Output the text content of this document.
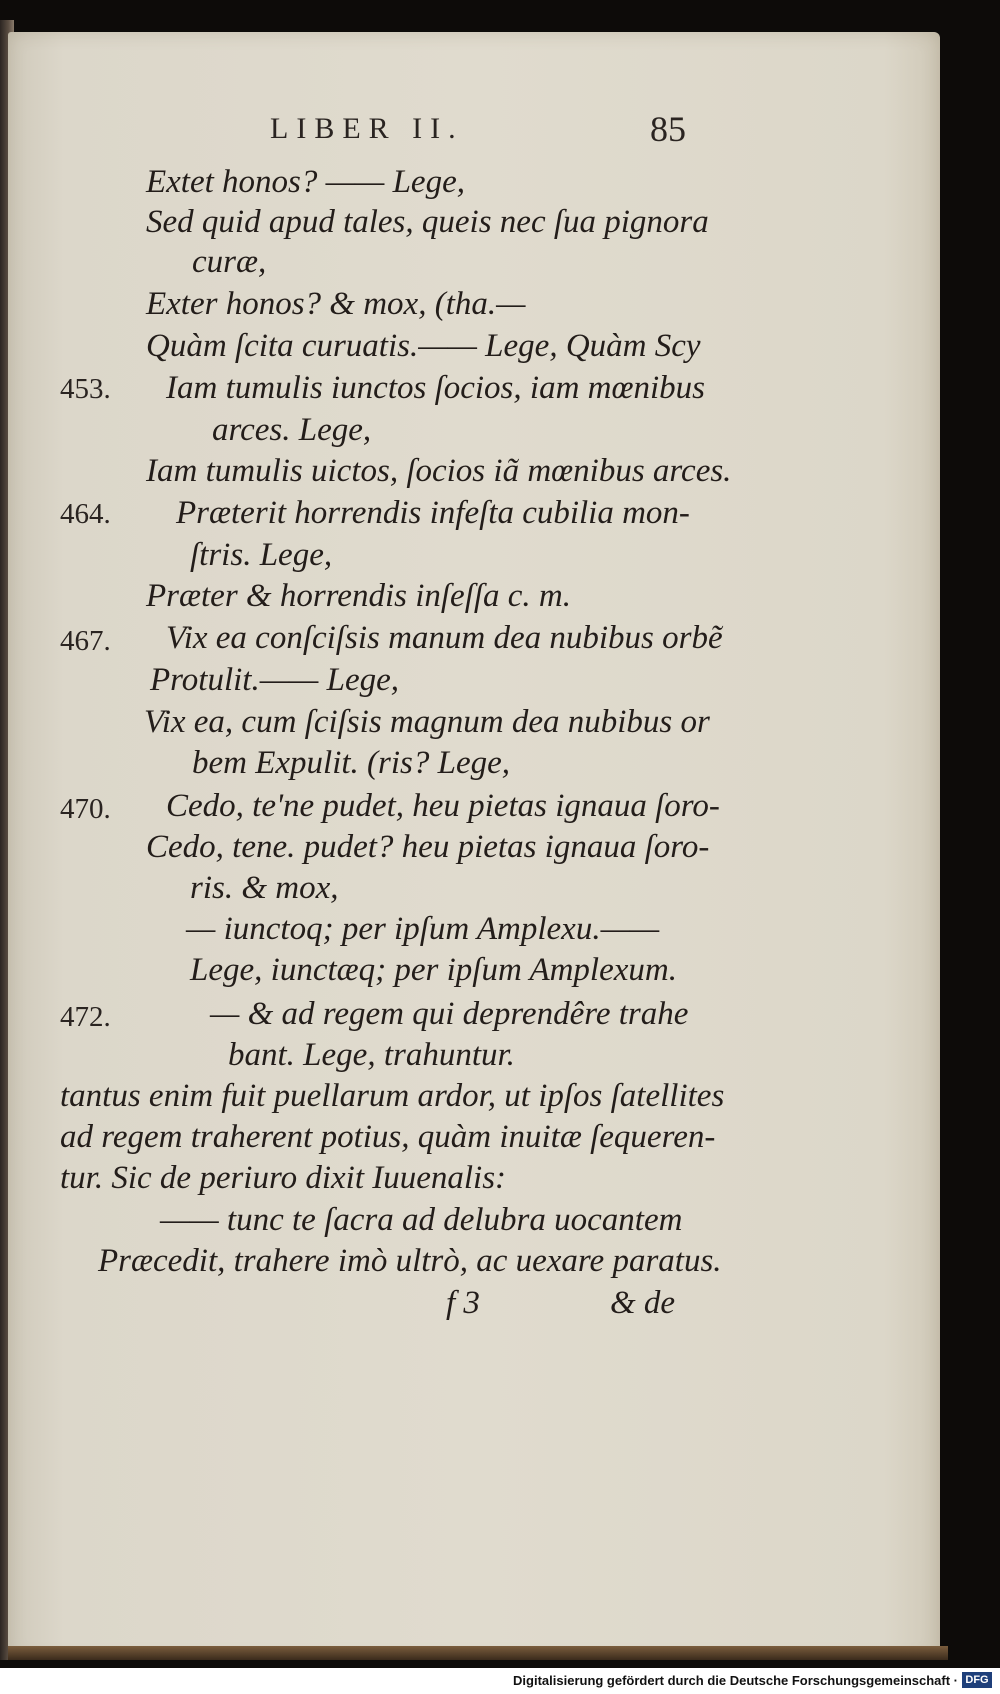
LIBER II.	85
Extet honos? —— Lege,
Sed quid apud tales, queis nec ſua pignora
curæ,
Exter honos? & mox, (tha.—
Quàm ſcita curuatis.—— Lege, Quàm Scy
453. Iam tumulis iunctos ſocios, iam mœnibus
arces. Lege,
Iam tumulis uictos, ſocios iã mœnibus arces.
464. Præterit horrendis infeſta cubilia mon-
ſtris. Lege,
Præter & horrendis inſeſſa c. m.
467. Vix ea conſciſsis manum dea nubibus orbẽ
Protulit.—— Lege,
Vix ea, cum ſciſsis magnum dea nubibus or
bem Expulit. (ris? Lege,
470. Cedo, te'ne pudet, heu pietas ignaua ſoro-
Cedo, tene. pudet? heu pietas ignaua ſoro-
ris. & mox,
— iunctoq; per ipſum Amplexu.——
Lege, iunctæq; per ipſum Amplexum.
472.	— & ad regem qui deprendêre trahe
bant. Lege, trahuntur.
tantus enim fuit puellarum ardor, ut ipſos ſatellites
ad regem traherent potius, quàm inuitæ ſequeren-
tur. Sic de periuro dixit Iuuenalis:
—— tunc te ſacra ad delubra uocantem
Præcedit, trahere imò ultrò, ac uexare paratus.
f 3	& de
Digitalisierung gefördert durch die Deutsche Forschungsgemeinschaft · DFG
